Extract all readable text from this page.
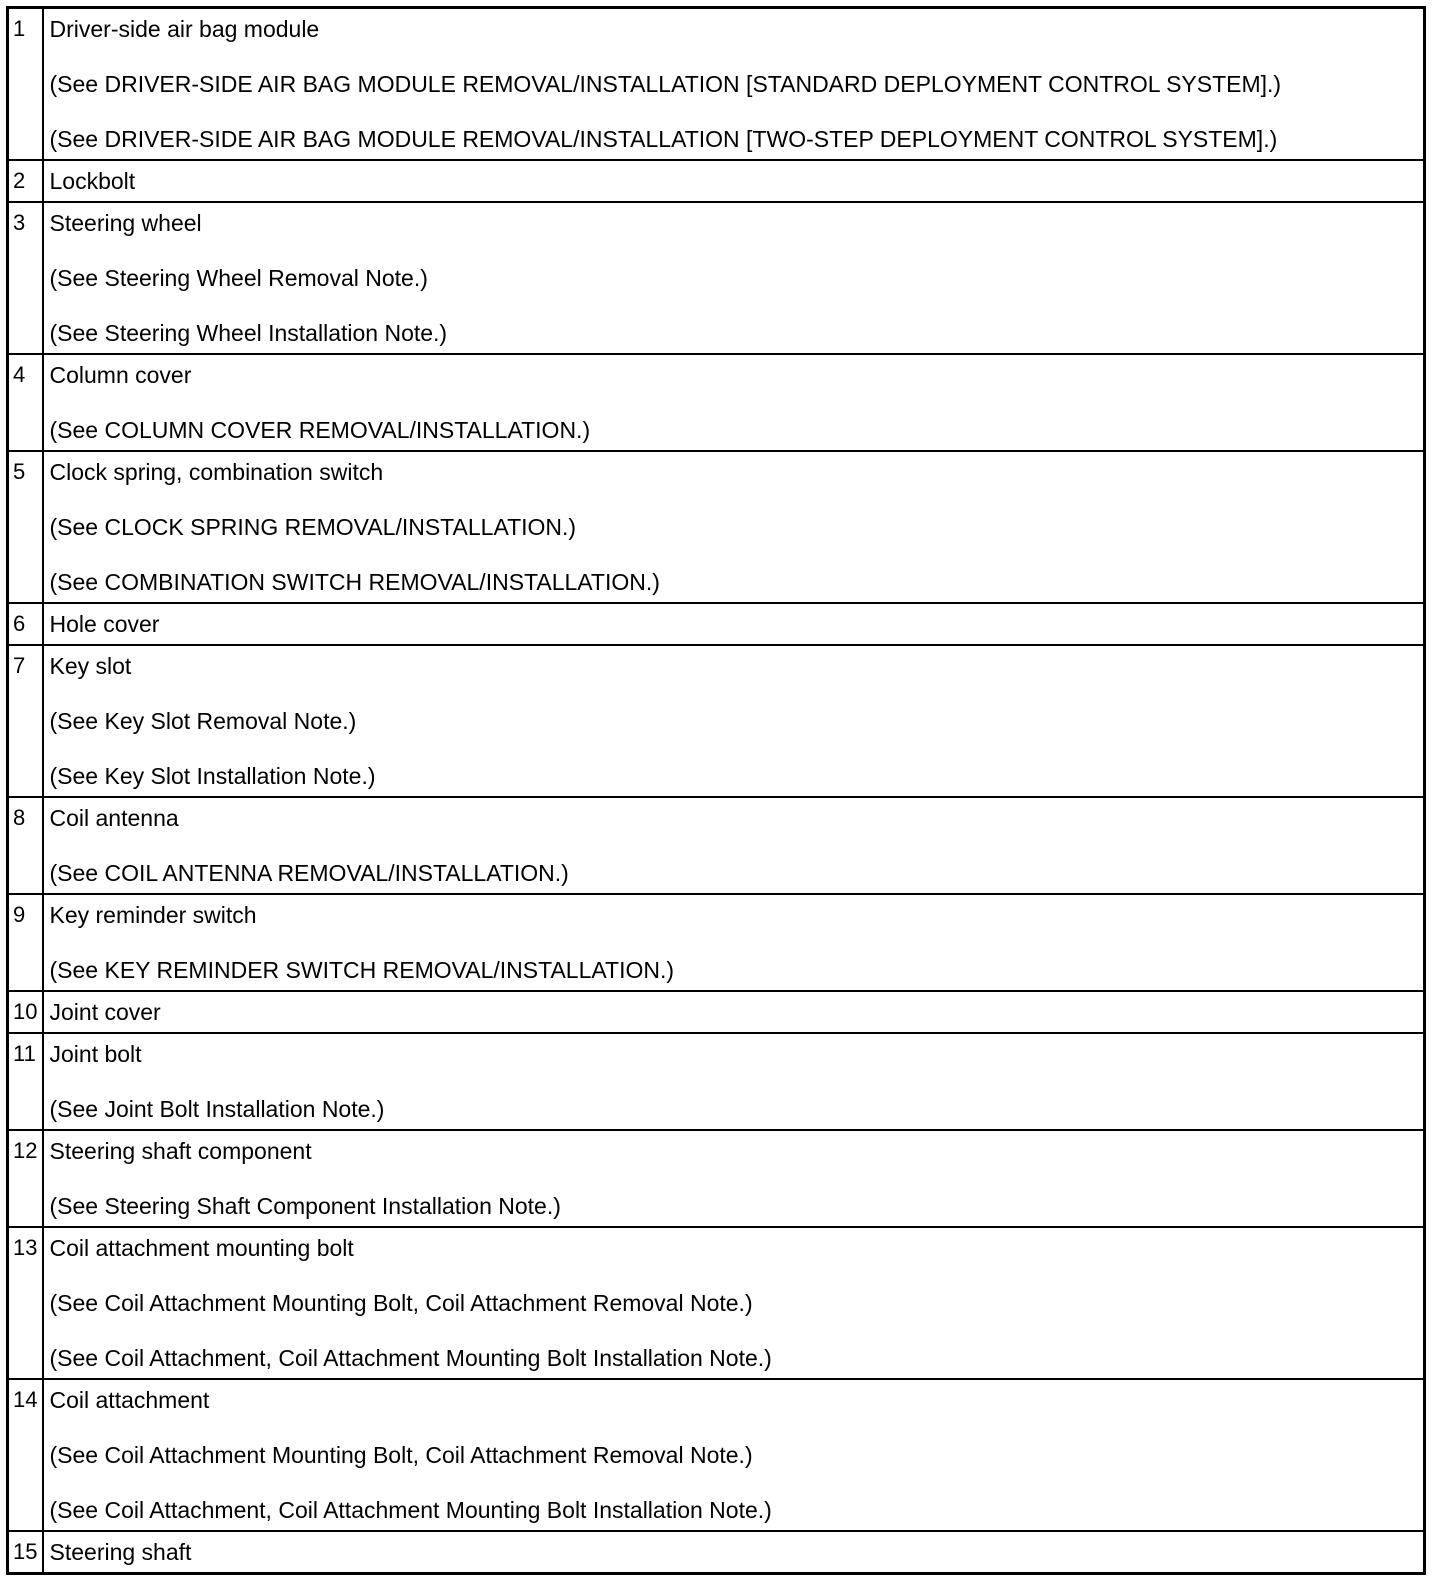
1	Driver-side air bag module
(See DRIVER-SIDE AIR BAG MODULE REMOVAL/INSTALLATION [STANDARD DEPLOYMENT CONTROL SYSTEM].)
(See DRIVER-SIDE AIR BAG MODULE REMOVAL/INSTALLATION [TWO-STEP DEPLOYMENT CONTROL SYSTEM].)

2	Lockbolt

3	Steering wheel
(See Steering Wheel Removal Note.)
(See Steering Wheel Installation Note.)

4	Column cover
(See COLUMN COVER REMOVAL/INSTALLATION.)

5	Clock spring, combination switch
(See CLOCK SPRING REMOVAL/INSTALLATION.)
(See COMBINATION SWITCH REMOVAL/INSTALLATION.)

6	Hole cover

7	Key slot
(See Key Slot Removal Note.)
(See Key Slot Installation Note.)

8	Coil antenna
(See COIL ANTENNA REMOVAL/INSTALLATION.)

9	Key reminder switch
(See KEY REMINDER SWITCH REMOVAL/INSTALLATION.)

10	Joint cover

11	Joint bolt
(See Joint Bolt Installation Note.)

12	Steering shaft component
(See Steering Shaft Component Installation Note.)

13	Coil attachment mounting bolt
(See Coil Attachment Mounting Bolt, Coil Attachment Removal Note.)
(See Coil Attachment, Coil Attachment Mounting Bolt Installation Note.)

14	Coil attachment
(See Coil Attachment Mounting Bolt, Coil Attachment Removal Note.)
(See Coil Attachment, Coil Attachment Mounting Bolt Installation Note.)

15	Steering shaft
